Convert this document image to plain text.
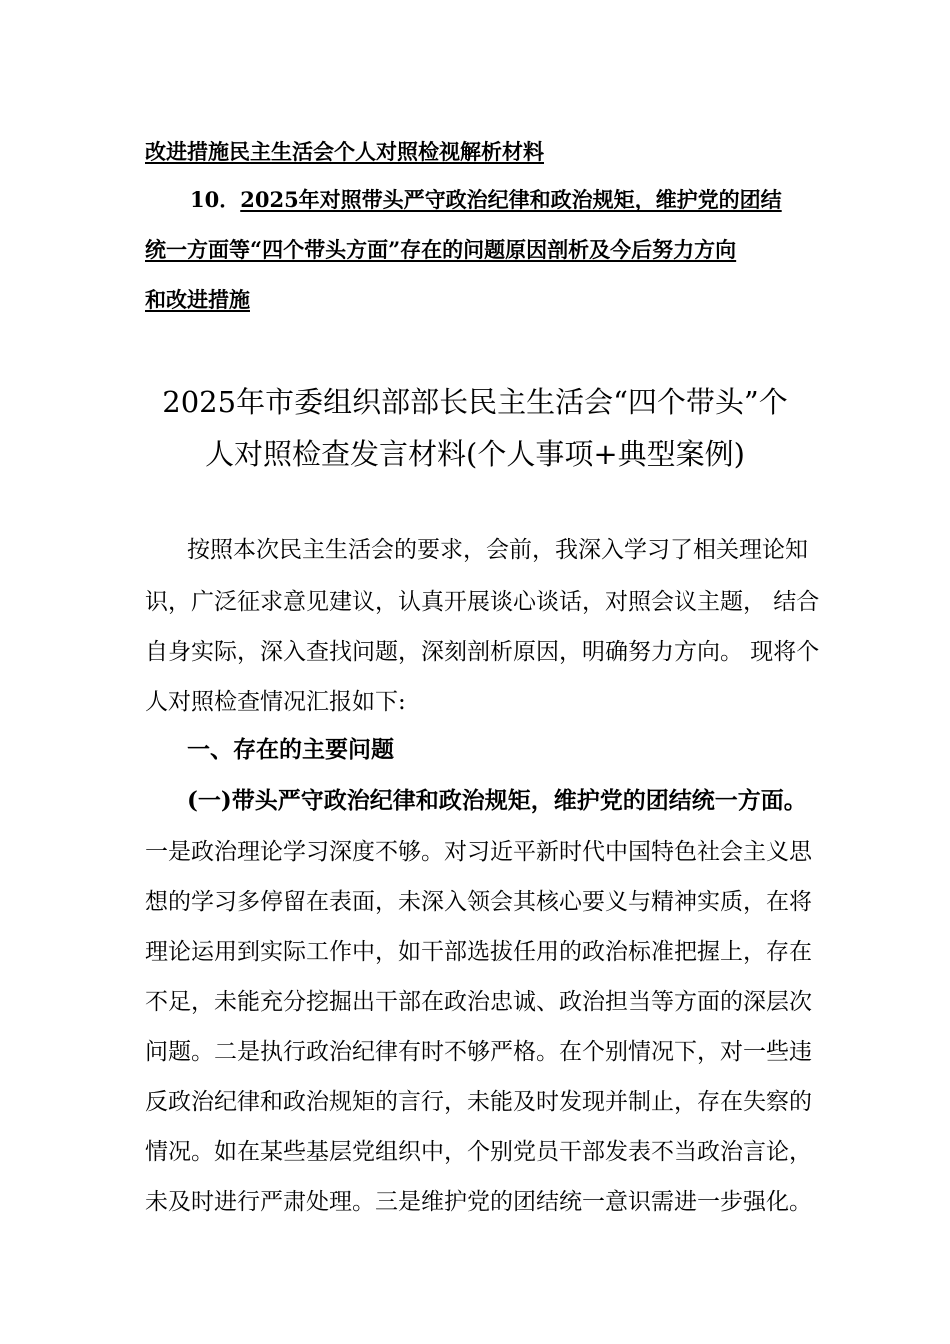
改进措施民主生活会个人对照检视解析材料
10．2025年对照带头严守政治纪律和政治规矩，维护党的团结
统一方面等“四个带头方面”存在的问题原因剖析及今后努力方向
和改进措施
2025年市委组织部部长民主生活会“四个带头”个
人对照检查发言材料(个人事项+典型案例)
按照本次民主生活会的要求，会前，我深入学习了相关理论知
识，广泛征求意见建议，认真开展谈心谈话，对照会议主题， 结合
自身实际，深入查找问题，深刻剖析原因，明确努力方向。 现将个
人对照检查情况汇报如下:
一、存在的主要问题
(一)带头严守政治纪律和政治规矩，维护党的团结统一方面。
一是政治理论学习深度不够。对习近平新时代中国特色社会主义思
想的学习多停留在表面，未深入领会其核心要义与精神实质，在将
理论运用到实际工作中，如干部选拔任用的政治标准把握上，存在
不足，未能充分挖掘出干部在政治忠诚、政治担当等方面的深层次
问题。二是执行政治纪律有时不够严格。在个别情况下，对一些违
反政治纪律和政治规矩的言行，未能及时发现并制止，存在失察的
情况。如在某些基层党组织中，个别党员干部发表不当政治言论，
未及时进行严肃处理。三是维护党的团结统一意识需进一步强化。
